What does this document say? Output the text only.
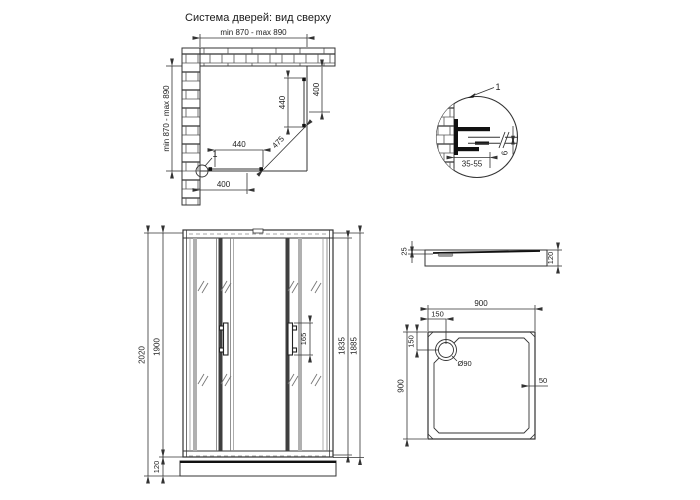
Система дверей: вид сверху
min 870 - max 890
min 870 - max 890	440
400
440
400
475
1
35-55
6
1
2020 1900
120
165	1835 1885
25
120
900
900
150
150
Ø90
50
